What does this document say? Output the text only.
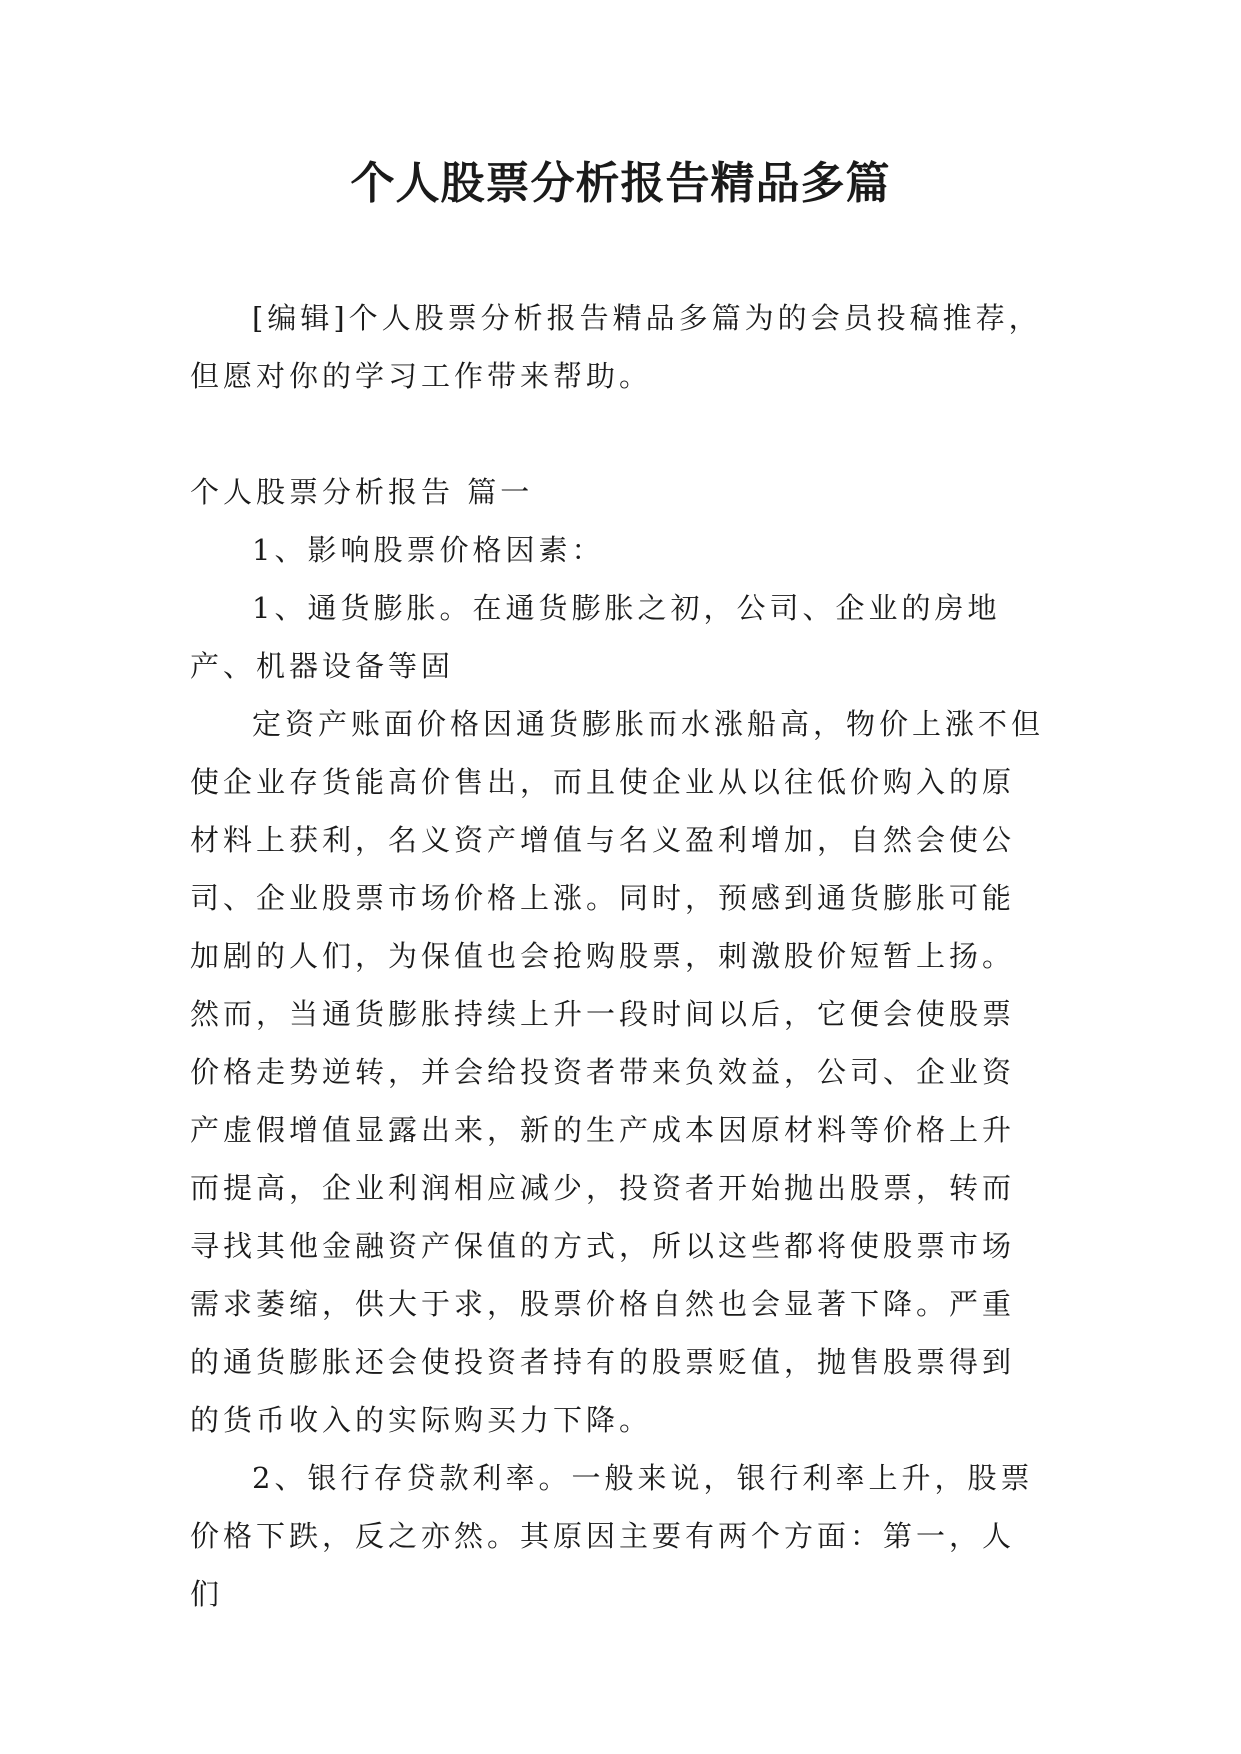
个人股票分析报告精品多篇

[编辑]个人股票分析报告精品多篇为的会员投稿推荐，但愿对你的学习工作带来帮助。

个人股票分析报告 篇一

1、影响股票价格因素：

1、通货膨胀。在通货膨胀之初，公司、企业的房地产、机器设备等固

定资产账面价格因通货膨胀而水涨船高，物价上涨不但使企业存货能高价售出，而且使企业从以往低价购入的原材料上获利，名义资产增值与名义盈利增加，自然会使公司、企业股票市场价格上涨。同时，预感到通货膨胀可能加剧的人们，为保值也会抢购股票，刺激股价短暂上扬。然而，当通货膨胀持续上升一段时间以后，它便会使股票价格走势逆转，并会给投资者带来负效益，公司、企业资产虚假增值显露出来，新的生产成本因原材料等价格上升而提高，企业利润相应减少，投资者开始抛出股票，转而寻找其他金融资产保值的方式，所以这些都将使股票市场需求萎缩，供大于求，股票价格自然也会显著下降。严重的通货膨胀还会使投资者持有的股票贬值，抛售股票得到的货币收入的实际购买力下降。

2、银行存贷款利率。一般来说，银行利率上升，股票价格下跌，反之亦然。其原因主要有两个方面：第一，人们
